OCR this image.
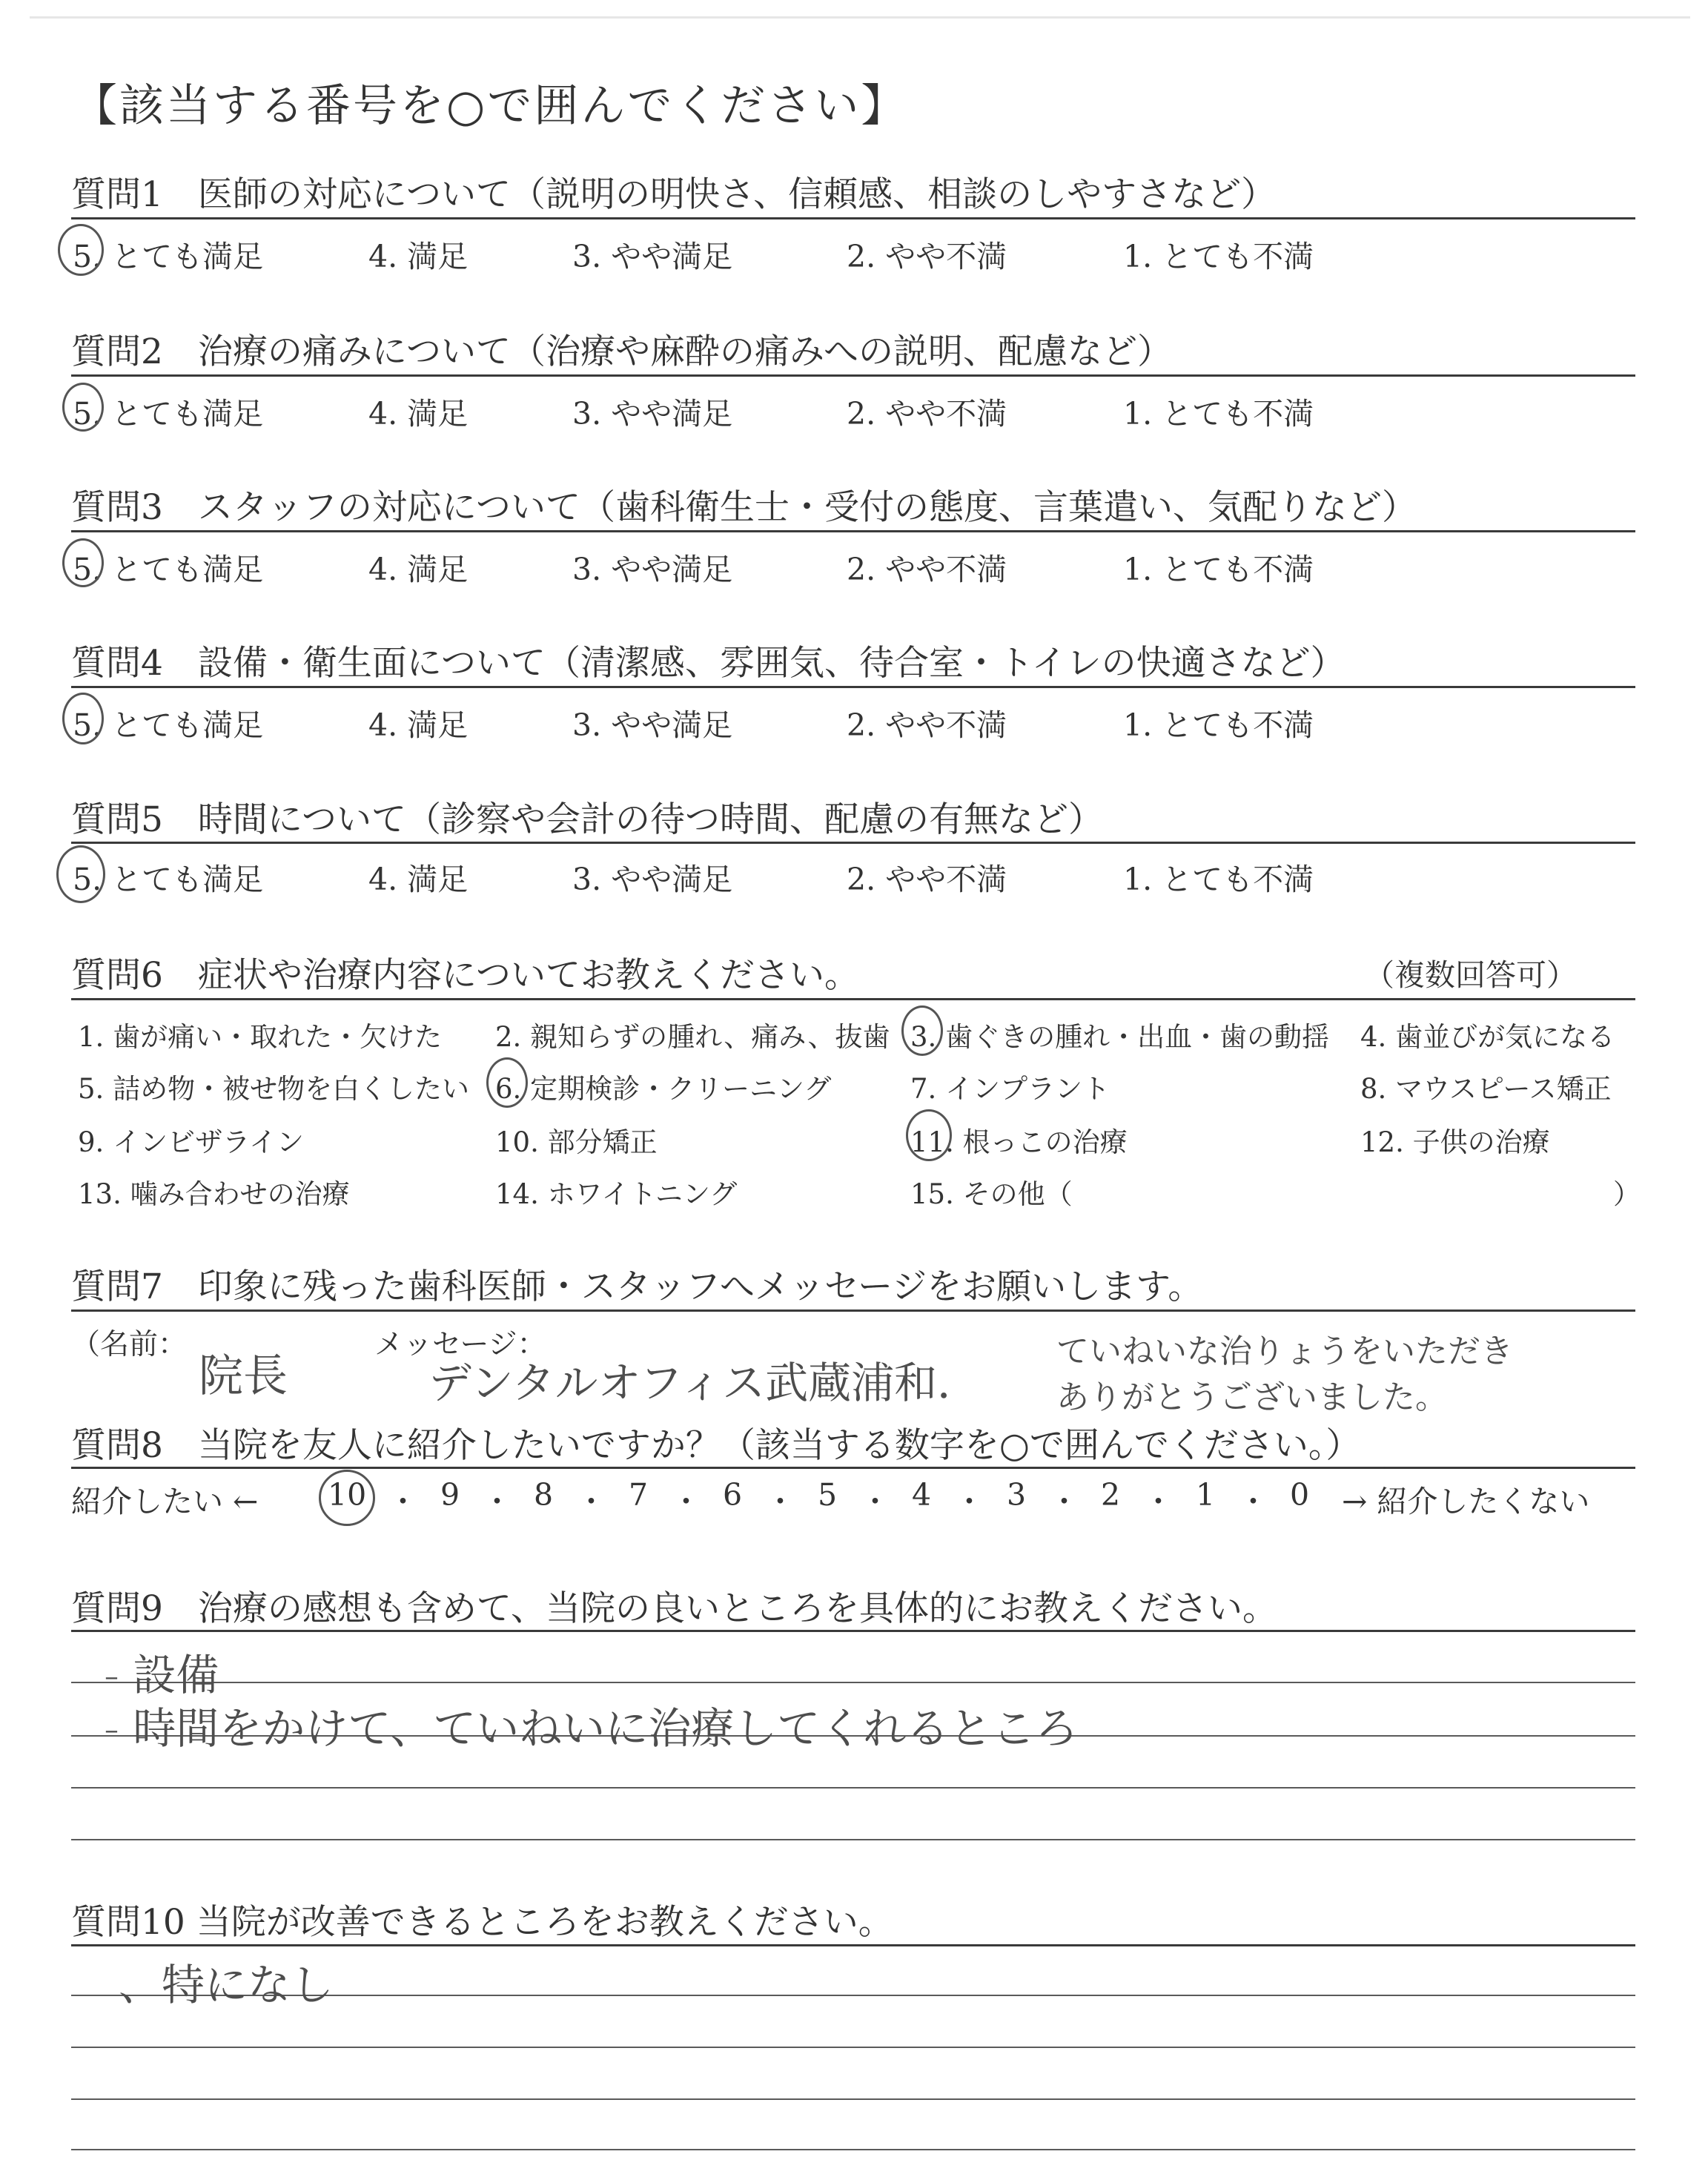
【該当する番号を○で囲んでください】
質問1　医師の対応について（説明の明快さ、信頼感、相談のしやすさなど）
5. とても満足	4. 満足	3. やや満足	2. やや不満	1. とても不満
質問2　治療の痛みについて（治療や麻酔の痛みへの説明、配慮など）
5. とても満足	4. 満足	3. やや満足	2. やや不満	1. とても不満
質問3　スタッフの対応について（歯科衛生士・受付の態度、言葉遣い、気配りなど）
5. とても満足	4. 満足	3. やや満足	2. やや不満	1. とても不満
質問4　設備・衛生面について（清潔感、雰囲気、待合室・トイレの快適さなど）
5. とても満足	4. 満足	3. やや満足	2. やや不満	1. とても不満
質問5　時間について（診察や会計の待つ時間、配慮の有無など）
5. とても満足	4. 満足	3. やや満足	2. やや不満	1. とても不満
質問6　症状や治療内容についてお教えください。	（複数回答可）
1. 歯が痛い・取れた・欠けた 2. 親知らずの腫れ、痛み、抜歯 3. 歯ぐきの腫れ・出血・歯の動揺 4. 歯並びが気になる
5. 詰め物・被せ物を白くしたい 6. 定期検診・クリーニング	7. インプラント	8. マウスピース矯正
9. インビザライン	10. 部分矯正	11. 根っこの治療	12. 子供の治療
13. 噛み合わせの治療	14. ホワイトニング	15. その他（	）
質問7　印象に残った歯科医師・スタッフへメッセージをお願いします。
（名前：	メッセージ：
院長	デンタルオフィス武蔵浦和．
ていねいな治りょうをいただき
ありがとうございました。
質問8　当院を友人に紹介したいですか？（該当する数字を○で囲んでください。）
紹介したい ← 10 ・ 9 ・ 8 ・ 7 ・ 6 ・ 5 ・ 4 ・ 3 ・ 2 ・ 1 ・ 0 → 紹介したくない
質問9　治療の感想も含めて、当院の良いところを具体的にお教えください。
- 設備
- 時間をかけて、ていねいに治療してくれるところ
質問10 当院が改善できるところをお教えください。
、特になし
